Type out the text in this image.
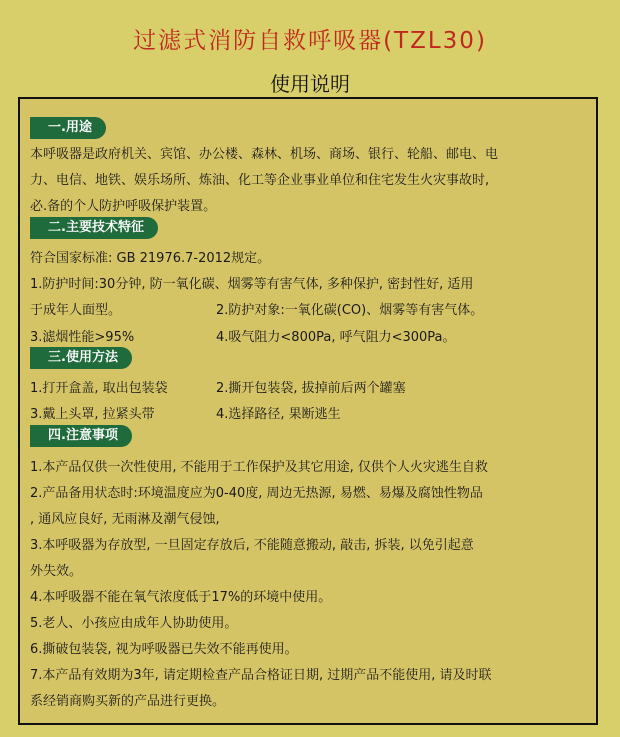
过滤式消防自救呼吸器(TZL30)
使用说明
一.用途
本呼吸器是政府机关、宾馆、办公楼、森林、机场、商场、银行、轮船、邮电、电
力、电信、地铁、娱乐场所、炼油、化工等企业事业单位和住宅发生火灾事故时,
必.备的个人防护呼吸保护装置。
二.主要技术特征
符合国家标准: GB 21976.7-2012规定。
1.防护时间:30分钟, 防一氧化碳、烟雾等有害气体, 多种保护, 密封性好, 适用
于成年人面型。	2.防护对象:一氧化碳(CO)、烟雾等有害气体。
3.滤烟性能>95%	4.吸气阻力<800Pa, 呼气阻力<300Pa。
三.使用方法
1.打开盒盖, 取出包装袋	2.撕开包装袋, 拔掉前后两个罐塞
3.戴上头罩, 拉紧头带	4.选择路径, 果断逃生
四.注意事项
1.本产品仅供一次性使用, 不能用于工作保护及其它用途, 仅供个人火灾逃生自救
2.产品备用状态时:环境温度应为0-40度, 周边无热源, 易燃、易爆及腐蚀性物品
, 通风应良好, 无雨淋及潮气侵蚀,
3.本呼吸器为存放型, 一旦固定存放后, 不能随意搬动, 敲击, 拆装, 以免引起意
外失效。
4.本呼吸器不能在氧气浓度低于17%的环境中使用。
5.老人、小孩应由成年人协助使用。
6.撕破包装袋, 视为呼吸器已失效不能再使用。
7.本产品有效期为3年, 请定期检查产品合格证日期, 过期产品不能使用, 请及时联
系经销商购买新的产品进行更换。
